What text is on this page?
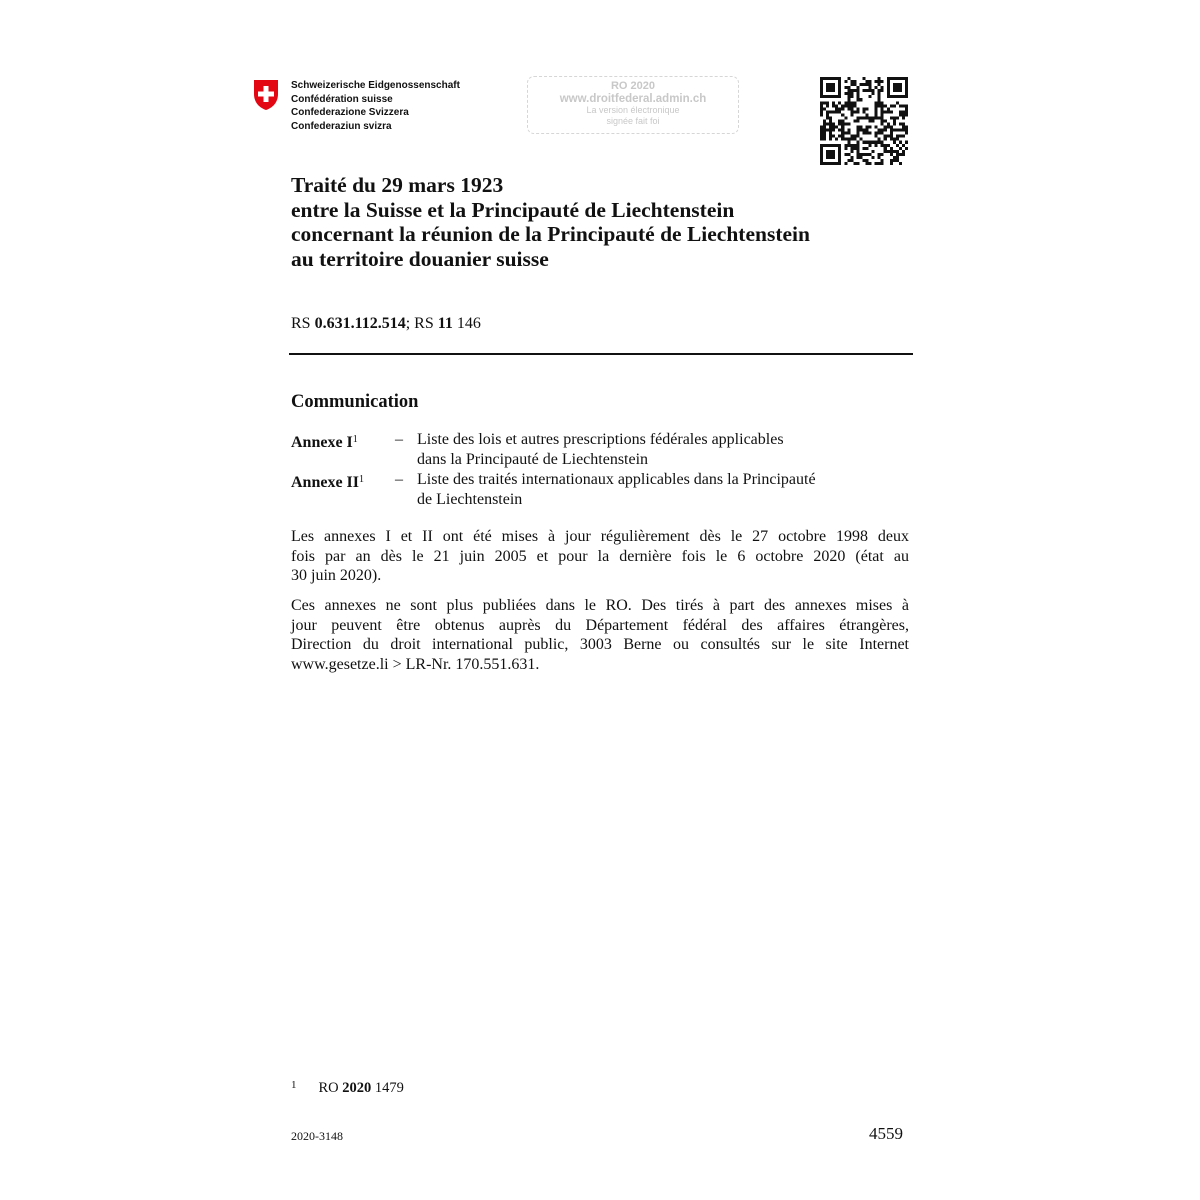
Schweizerische Eidgenossenschaft
Confédération suisse
Confederazione Svizzera
Confederaziun svizra
RO 2020
www.droitfederal.admin.ch
La version électronique
signée fait foi
Traité du 29 mars 1923
entre la Suisse et la Principauté de Liechtenstein
concernant la réunion de la Principauté de Liechtenstein
au territoire douanier suisse
RS 0.631.112.514; RS 11 146
Communication
Annexe $I^1$ – Liste des lois et autres prescriptions fédérales applicables
dans la Principauté de Liechtenstein
Annexe $II^1$ – Liste des traités internationaux applicables dans la Principauté
de Liechtenstein
Les annexes I et II ont été mises à jour régulièrement dès le 27 octobre 1998 deux
fois par an dès le 21 juin 2005 et pour la dernière fois le 6 octobre 2020 (état au
30 juin 2020).
Ces annexes ne sont plus publiées dans le RO. Des tirés à part des annexes mises à
jour peuvent être obtenus auprès du Département fédéral des affaires étrangères,
Direction du droit international public, 3003 Berne ou consultés sur le site Internet
www.gesetze.li > LR-Nr. 170.551.631.
$^1$ RO 2020 1479
2020-3148	4559
